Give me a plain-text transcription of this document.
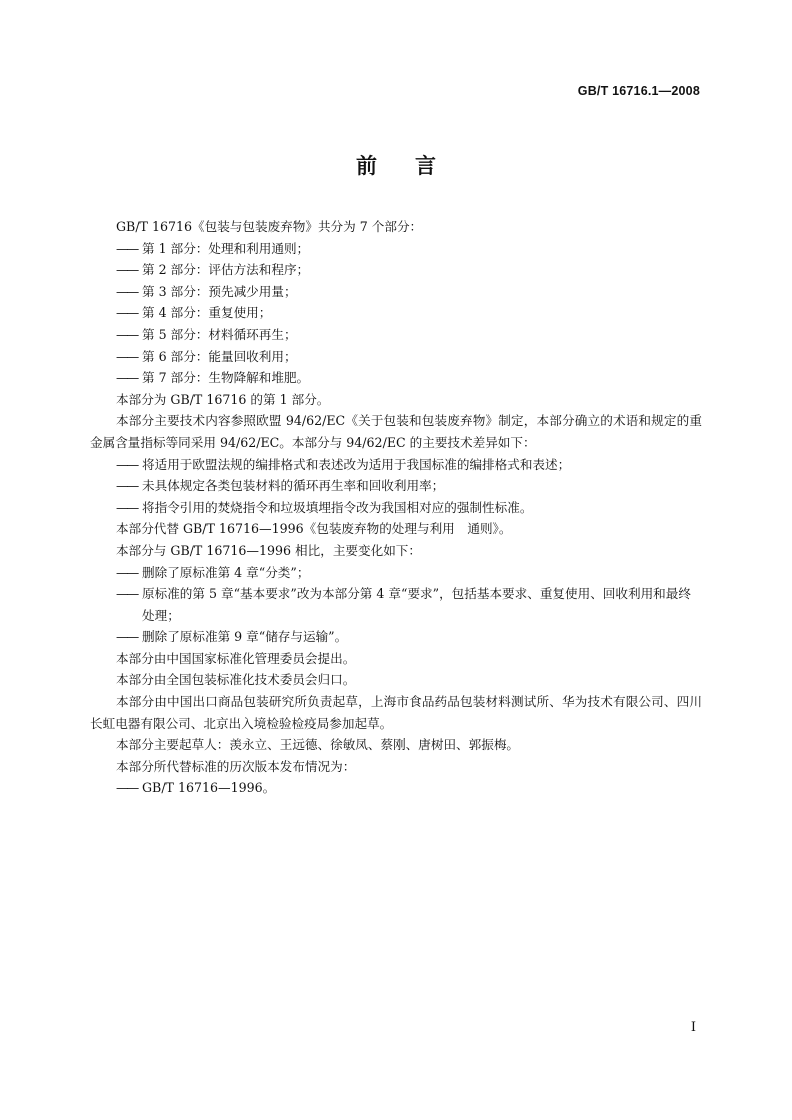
GB/T 16716.1—2008
前 言
GB/T 16716《包装与包装废弃物》共分为 7 个部分：
—— 第 1 部分：处理和利用通则；
—— 第 2 部分：评估方法和程序；
—— 第 3 部分：预先减少用量；
—— 第 4 部分：重复使用；
—— 第 5 部分：材料循环再生；
—— 第 6 部分：能量回收利用；
—— 第 7 部分：生物降解和堆肥。
本部分为 GB/T 16716 的第 1 部分。
本部分主要技术内容参照欧盟 94/62/EC《关于包装和包装废弃物》制定，本部分确立的术语和规定的重金属含量指标等同采用 94/62/EC。本部分与 94/62/EC 的主要技术差异如下：
—— 将适用于欧盟法规的编排格式和表述改为适用于我国标准的编排格式和表述；
—— 未具体规定各类包装材料的循环再生率和回收利用率；
—— 将指令引用的焚烧指令和垃圾填埋指令改为我国相对应的强制性标准。
本部分代替 GB/T 16716—1996《包装废弃物的处理与利用　通则》。
本部分与 GB/T 16716—1996 相比，主要变化如下：
—— 删除了原标准第 4 章“分类”；
—— 原标准的第 5 章“基本要求”改为本部分第 4 章“要求”，包括基本要求、重复使用、回收利用和最终处理；
—— 删除了原标准第 9 章“储存与运输”。
本部分由中国国家标准化管理委员会提出。
本部分由全国包装标准化技术委员会归口。
本部分由中国出口商品包装研究所负责起草，上海市食品药品包装材料测试所、华为技术有限公司、四川长虹电器有限公司、北京出入境检验检疫局参加起草。
本部分主要起草人：羡永立、王远德、徐敏凤、蔡刚、唐树田、郭振梅。
本部分所代替标准的历次版本发布情况为：
—— GB/T 16716—1996。
I
